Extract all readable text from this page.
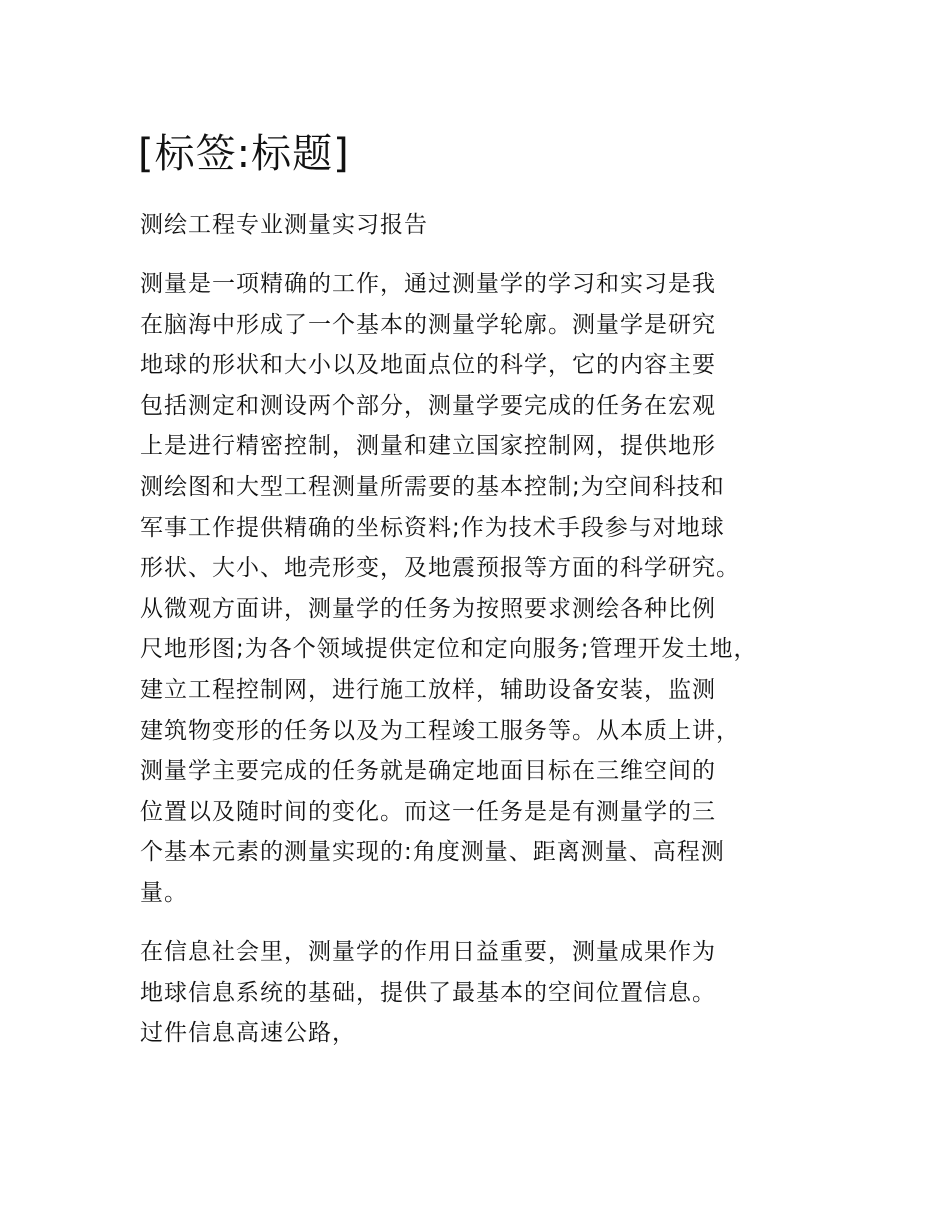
[标签:标题]

测绘工程专业测量实习报告

测量是一项精确的工作，通过测量学的学习和实习是我
在脑海中形成了一个基本的测量学轮廓。测量学是研究
地球的形状和大小以及地面点位的科学，它的内容主要
包括测定和测设两个部分，测量学要完成的任务在宏观
上是进行精密控制，测量和建立国家控制网，提供地形
测绘图和大型工程测量所需要的基本控制;为空间科技和
军事工作提供精确的坐标资料;作为技术手段参与对地球
形状、大小、地壳形变，及地震预报等方面的科学研究。
从微观方面讲，测量学的任务为按照要求测绘各种比例
尺地形图;为各个领域提供定位和定向服务;管理开发土地，
建立工程控制网，进行施工放样，辅助设备安装，监测
建筑物变形的任务以及为工程竣工服务等。从本质上讲，
测量学主要完成的任务就是确定地面目标在三维空间的
位置以及随时间的变化。而这一任务是是有测量学的三
个基本元素的测量实现的:角度测量、距离测量、高程测
量。

在信息社会里，测量学的作用日益重要，测量成果作为
地球信息系统的基础，提供了最基本的空间位置信息。
过件信息高速公路，
